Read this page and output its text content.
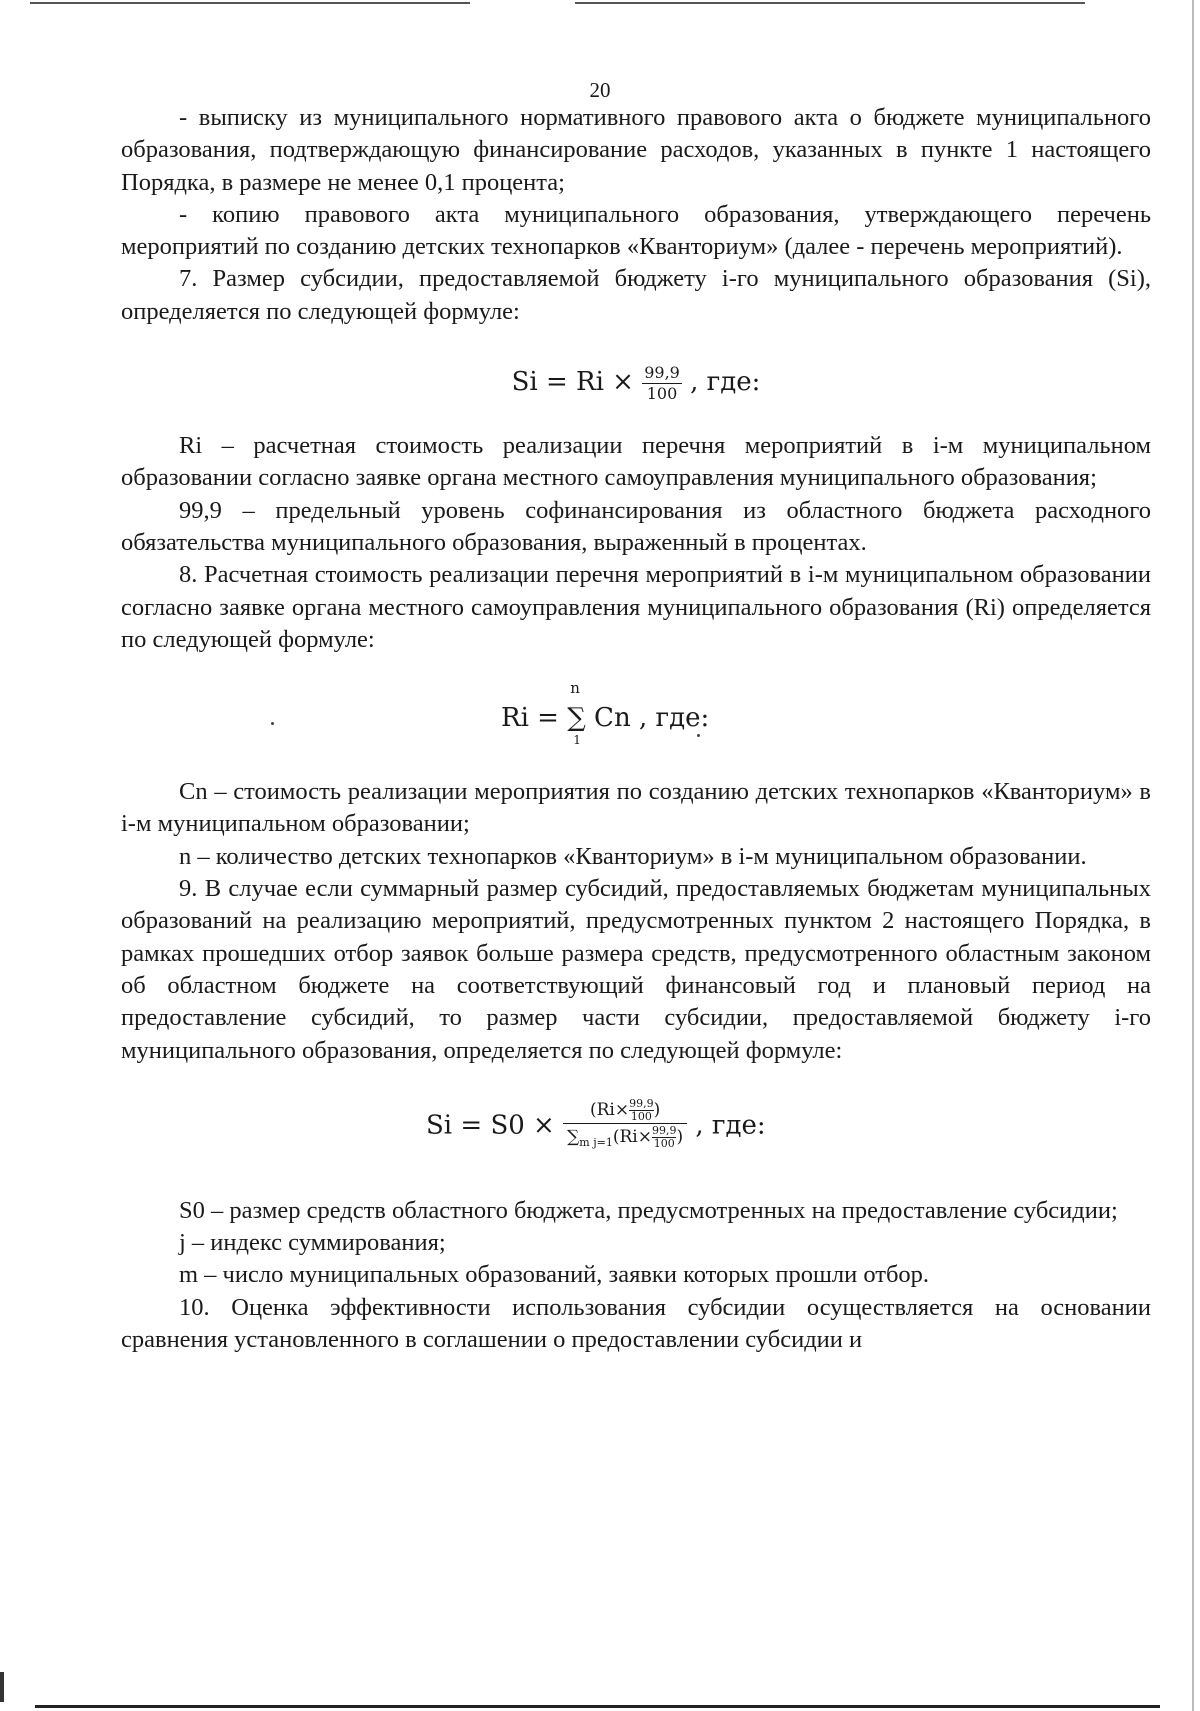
20

- выписку из муниципального нормативного правового акта о бюджете муниципального образования, подтверждающую финансирование расходов, указанных в пункте 1 настоящего Порядка, в размере не менее 0,1 процента;

- копию правового акта муниципального образования, утверждающего перечень мероприятий по созданию детских технопарков «Кванториум» (далее - перечень мероприятий).

7. Размер субсидии, предоставляемой бюджету i-го муниципального образования (Si), определяется по следующей формуле:

$Si = Ri \times \frac{99,9}{100}$ , где:

Ri – расчетная стоимость реализации перечня мероприятий в i-м муниципальном образовании согласно заявке органа местного самоуправления муниципального образования;

99,9 – предельный уровень софинансирования из областного бюджета расходного обязательства муниципального образования, выраженный в процентах.

8. Расчетная стоимость реализации перечня мероприятий в i-м муниципальном образовании согласно заявке органа местного самоуправления муниципального образования (Ri) определяется по следующей формуле:

Ri =
n
∑
1
Cn , где:

Cn – стоимость реализации мероприятия по созданию детских технопарков «Кванториум» в i-м муниципальном образовании;

n – количество детских технопарков «Кванториум» в i-м муниципальном образовании.

9. В случае если суммарный размер субсидий, предоставляемых бюджетам муниципальных образований на реализацию мероприятий, предусмотренных пунктом 2 настоящего Порядка, в рамках прошедших отбор заявок больше размера средств, предусмотренного областным законом об областном бюджете на соответствующий финансовый год и плановый период на предоставление субсидий, то размер части субсидии, предоставляемой бюджету i-го муниципального образования, определяется по следующей формуле:

$Si = S0 \times \frac{(Ri\times \frac{99,9}{100} )}{\sum_{m j=1}(Ri\times \frac{99,9}{100} )}$ , где:

S0 – размер средств областного бюджета, предусмотренных на предоставление субсидии;

j – индекс суммирования;

m – число муниципальных образований, заявки которых прошли отбор.

10. Оценка эффективности использования субсидии осуществляется на основании сравнения установленного в соглашении о предоставлении субсидии и
